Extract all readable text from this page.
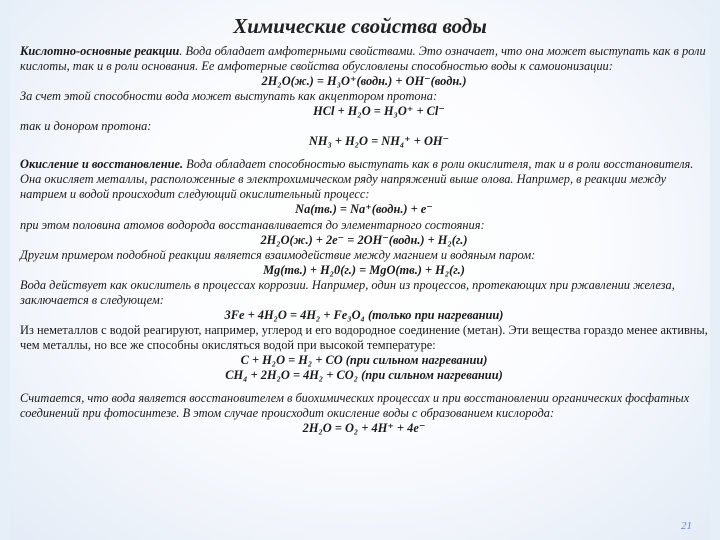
Химические свойства воды

Кислотно-основные реакции. Вода обладает амфотерными свойствами. Это означает, что она может выступать как в роли кислоты, так и в роли основания. Ее амфотерные свойства обусловлены способностью воды к самоионизации:

2H₂O(ж.) = H₃O⁺(водн.) + OH⁻(водн.)

За счет этой способности вода может выступать как акцептором протона:

HCl + H₂O = H₃O⁺ + Cl⁻

так и донором протона:

NH₃ + H₂O = NH₄⁺ + OH⁻

Окисление и восстановление. Вода обладает способностью выступать как в роли окислителя, так и в роли восстановителя. Она окисляет металлы, расположенные в электрохимическом ряду напряжений выше олова. Например, в реакции между натрием и водой происходит следующий окислительный процесс:

Na(тв.) = Na⁺(водн.) + e⁻

при этом половина атомов водорода восстанавливается до элементарного состояния:

2H₂O(ж.) + 2e⁻ = 2OH⁻(водн.) + H₂(г.)

Другим примером подобной реакции является взаимодействие между магнием и водяным паром:

Mg(тв.) + H₂0(г.) = MgO(тв.) + H₂(г.)

Вода действует как окислитель в процессах коррозии. Например, один из процессов, протекающих при ржавлении железа, заключается в следующем:

3Fe + 4H₂O = 4H₂ + Fe₃O₄ (только при нагревании)

Из неметаллов с водой реагируют, например, углерод и его водородное соединение (метан). Эти вещества гораздо менее активны, чем металлы, но все же способны окисляться водой при высокой температуре:

C + H₂O = H₂ + CO (при сильном нагревании)

CH₄ + 2H₂O = 4H₂ + CO₂ (при сильном нагревании)

Считается, что вода является восстановителем в биохимических процессах и при восстановлении органических фосфатных соединений при фотосинтезе. В этом случае происходит окисление воды с образованием кислорода:

2H₂O = O₂ + 4H⁺ + 4e⁻

21
